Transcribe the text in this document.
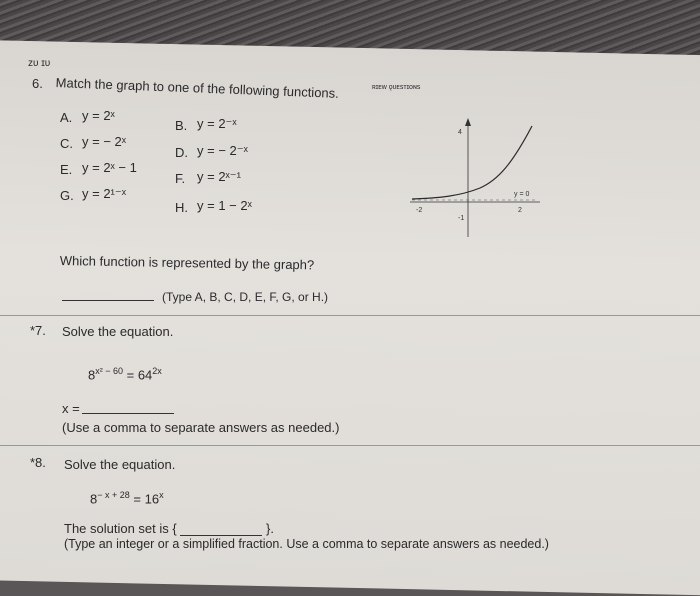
ᴢᴜ ɪᴜ
ʀɪᴇᴡ ǫᴜᴇsᴛɪᴏɴs
6. Match the graph to one of the following functions.
A. y = 2ˣ
B. y = 2⁻ˣ
C. y = − 2ˣ
D. y = − 2⁻ˣ
E. y = 2ˣ − 1
F. y = 2ˣ⁻¹
G. y = 2¹⁻ˣ
H. y = 1 − 2ˣ
4
-2	2
-1
y = 0
Which function is represented by the graph?
(Type A, B, C, D, E, F, G, or H.)
*7. Solve the equation.
$8^{x^2 - 60} = 64^{2x}$
x =
(Use a comma to separate answers as needed.)
*8. Solve the equation.
$8^{- x + 28} = 16^x$
The solution set is {	}.
(Type an integer or a simplified fraction. Use a comma to separate answers as needed.)
